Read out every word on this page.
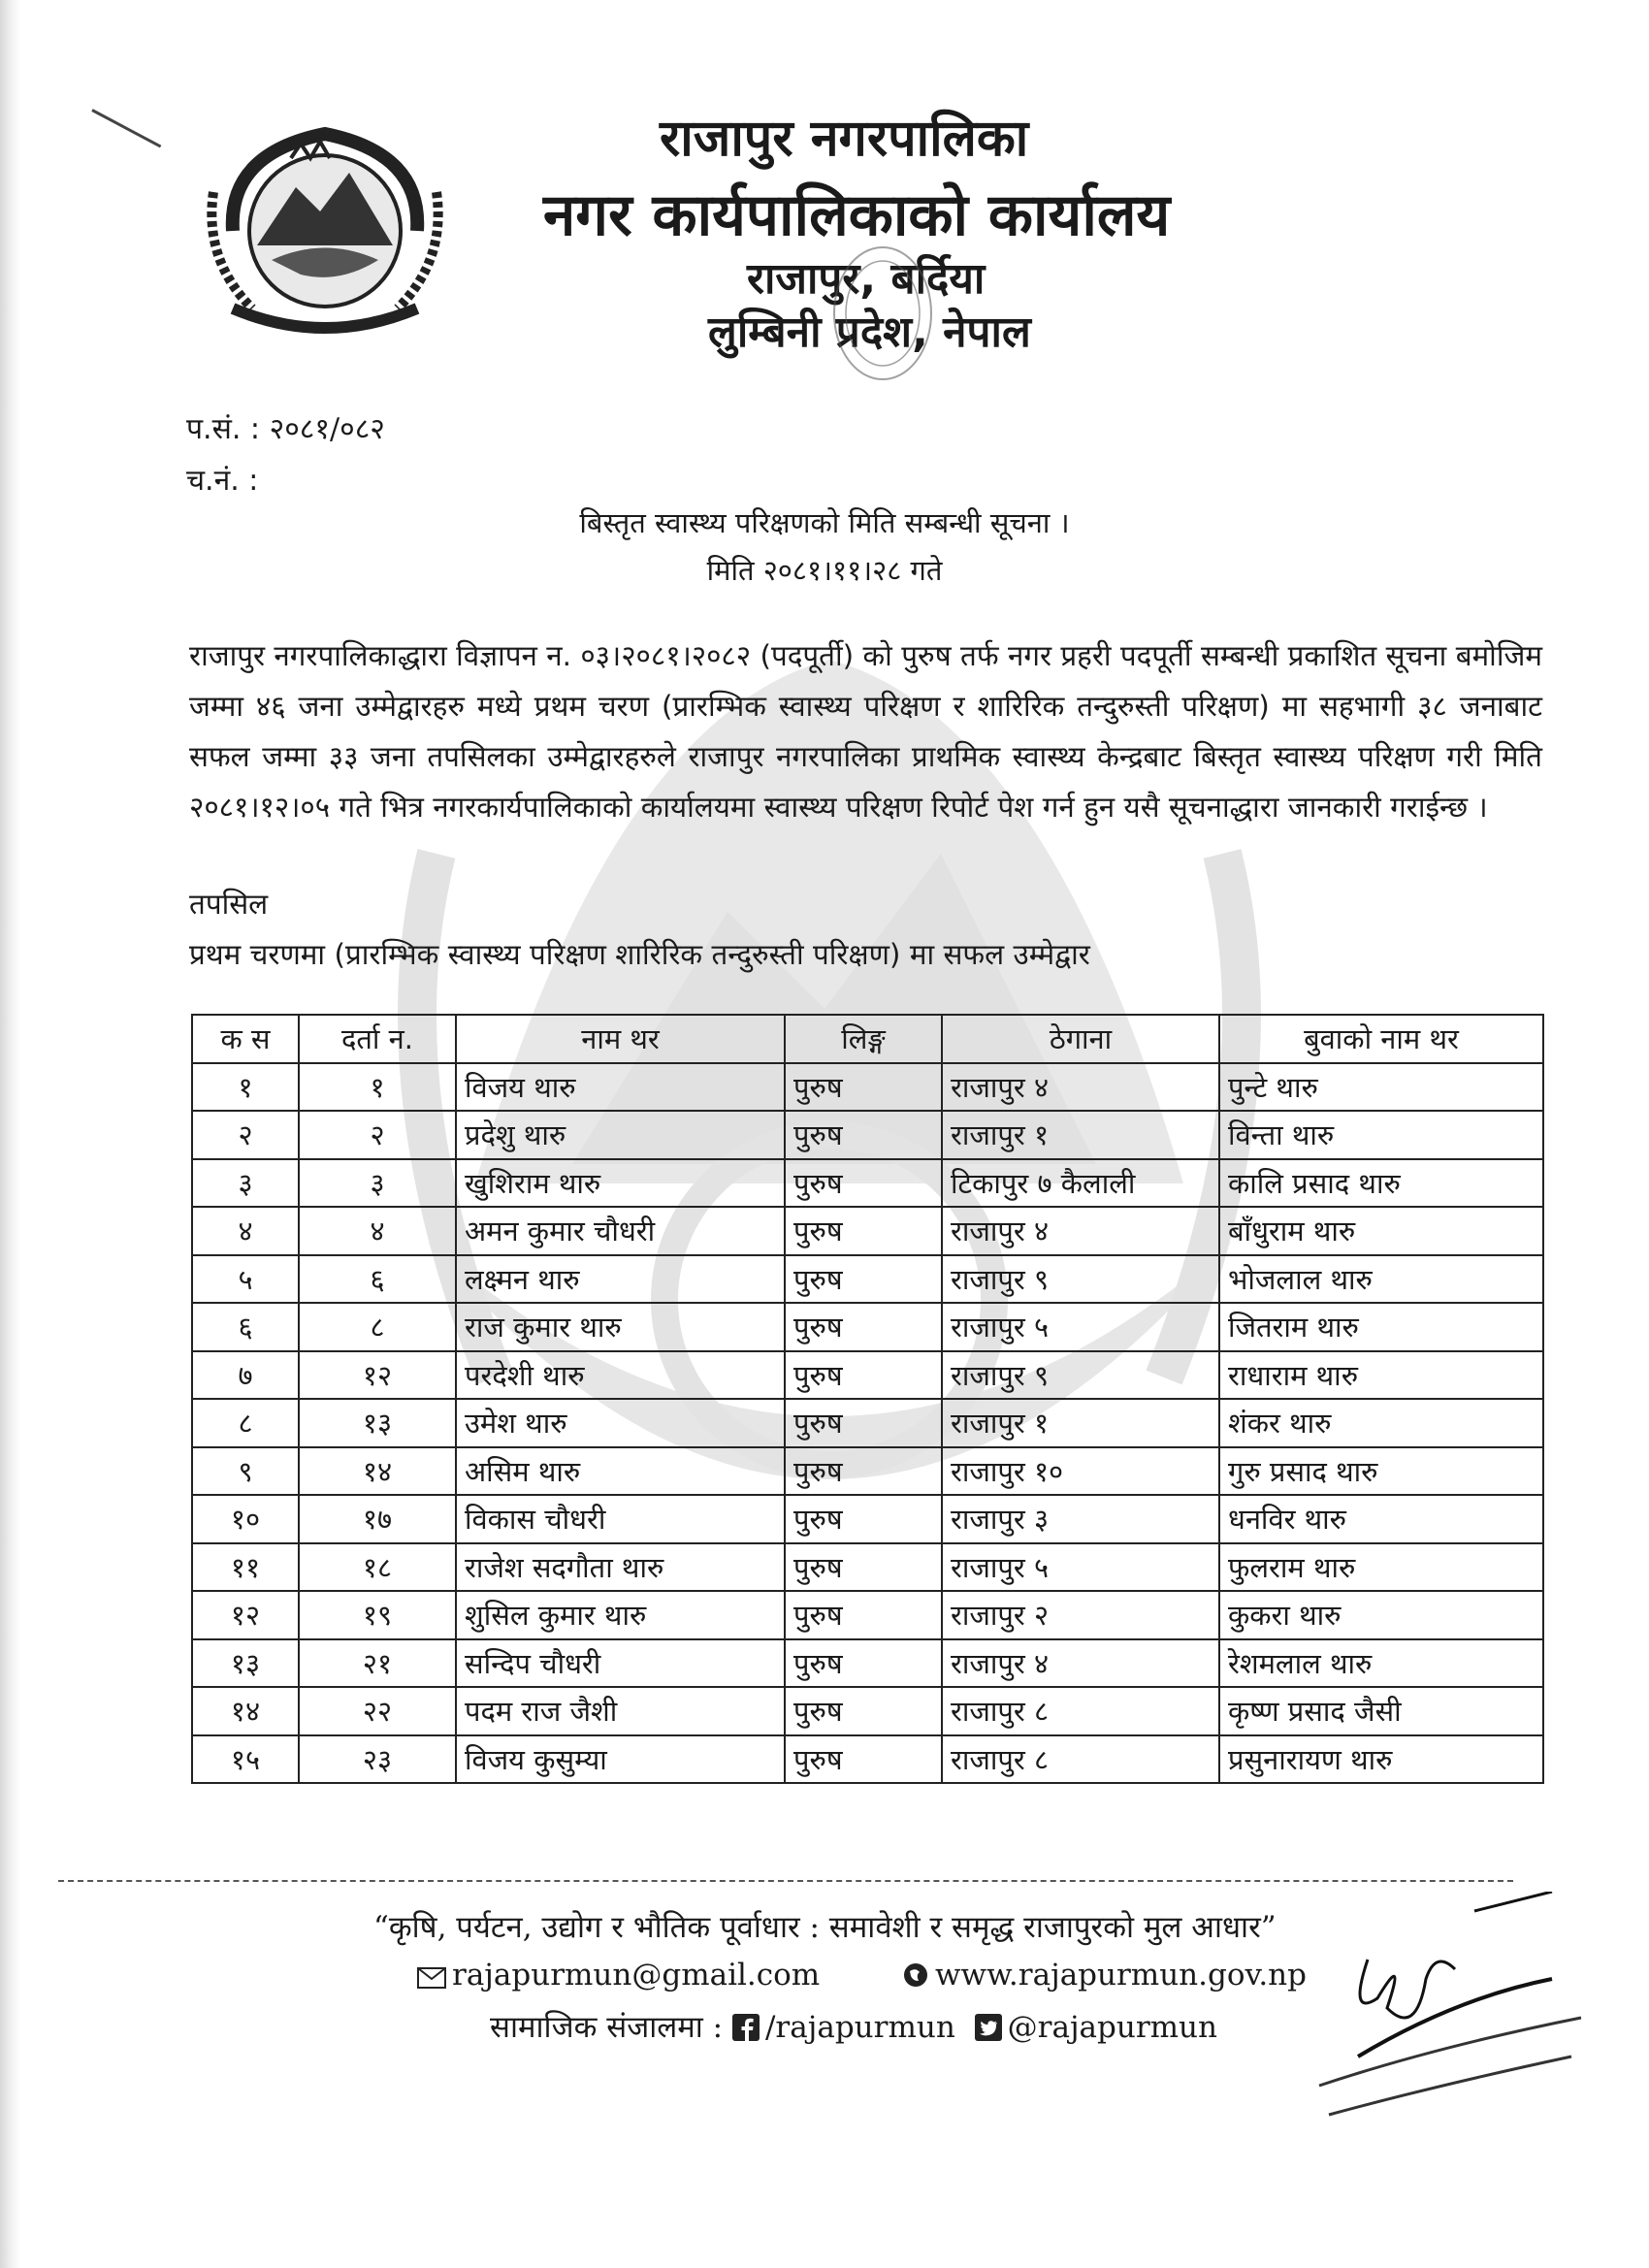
राजापुर नगरपालिका
नगर कार्यपालिकाको कार्यालय
राजापुर, बर्दिया
लुम्बिनी प्रदेश, नेपाल
प.सं. : २०८१/०८२
च.नं. :
बिस्तृत स्वास्थ्य परिक्षणको मिति सम्बन्धी सूचना ।
मिति २०८१।११।२८ गते
राजापुर नगरपालिकाद्धारा विज्ञापन न. ०३।२०८१।२०८२ (पदपूर्ती) को पुरुष तर्फ नगर प्रहरी पदपूर्ती सम्बन्धी प्रकाशित सूचना बमोजिम जम्मा ४६ जना उम्मेद्वारहरु मध्ये प्रथम चरण (प्रारम्भिक स्वास्थ्य परिक्षण र शारिरिक तन्दुरुस्ती परिक्षण) मा सहभागी ३८ जनाबाट सफल जम्मा ३३ जना तपसिलका उम्मेद्वारहरुले राजापुर नगरपालिका प्राथमिक स्वास्थ्य केन्द्रबाट बिस्तृत स्वास्थ्य परिक्षण गरी मिति २०८१।१२।०५ गते भित्र नगरकार्यपालिकाको कार्यालयमा स्वास्थ्य परिक्षण रिपोर्ट पेश गर्न हुन यसै सूचनाद्धारा जानकारी गराईन्छ ।
तपसिल
प्रथम चरणमा (प्रारम्भिक स्वास्थ्य परिक्षण शारिरिक तन्दुरुस्ती परिक्षण) मा सफल उम्मेद्वार
क स	दर्ता न.	नाम थर	लिङ्ग	ठेगाना	बुवाको नाम थर
१	१	विजय थारु	पुरुष	राजापुर ४	पुन्टे थारु
२	२	प्रदेशु थारु	पुरुष	राजापुर १	विन्ता थारु
३	३	खुशिराम थारु	पुरुष	टिकापुर ७ कैलाली	कालि प्रसाद थारु
४	४	अमन कुमार चौधरी	पुरुष	राजापुर ४	बाँधुराम थारु
५	६	लक्ष्मन थारु	पुरुष	राजापुर ९	भोजलाल थारु
६	८	राज कुमार थारु	पुरुष	राजापुर ५	जितराम थारु
७	१२	परदेशी थारु	पुरुष	राजापुर ९	राधाराम थारु
८	१३	उमेश थारु	पुरुष	राजापुर १	शंकर थारु
९	१४	असिम थारु	पुरुष	राजापुर १०	गुरु प्रसाद थारु
१०	१७	विकास चौधरी	पुरुष	राजापुर ३	धनविर थारु
११	१८	राजेश सदगौता थारु	पुरुष	राजापुर ५	फुलराम थारु
१२	१९	शुसिल कुमार थारु	पुरुष	राजापुर २	कुकरा थारु
१३	२१	सन्दिप चौधरी	पुरुष	राजापुर ४	रेशमलाल थारु
१४	२२	पदम राज जैशी	पुरुष	राजापुर ८	कृष्ण प्रसाद जैसी
१५	२३	विजय कुसुम्या	पुरुष	राजापुर ८	प्रसुनारायण थारु
“कृषि, पर्यटन, उद्योग र भौतिक पूर्वाधार : समावेशी र समृद्ध राजापुरको मुल आधार”
rajapurmun@gmail.com	www.rajapurmun.gov.np
सामाजिक संजालमा : /rajapurmun @rajapurmun
